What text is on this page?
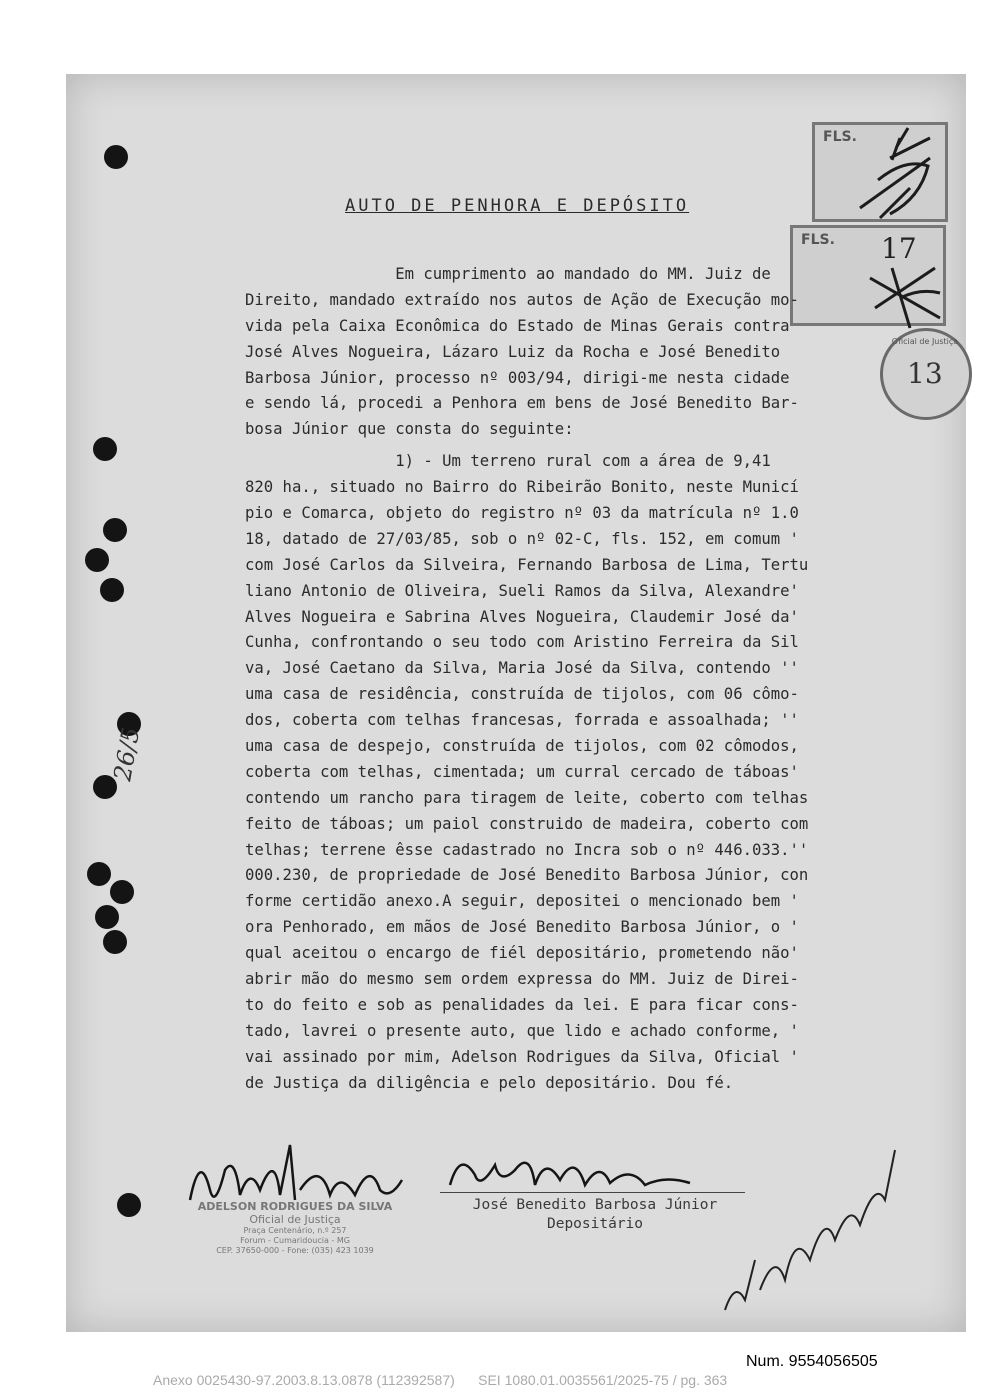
26/5
FLS.
FLS. 17
Oficial de Justiça
13
AUTO DE PENHORA E DEPÓSITO
Em cumprimento ao mandado do MM. Juiz de
Direito, mandado extraído nos autos de Ação de Execução mo-
vida pela Caixa Econômica do Estado de Minas Gerais contra
José Alves Nogueira, Lázaro Luiz da Rocha e José Benedito
Barbosa Júnior, processo nº 003/94, dirigi-me nesta cidade
e sendo lá, procedi a Penhora em bens de José Benedito Bar-
bosa Júnior que consta do seguinte:
1) - Um terreno rural com a área de 9,41
820 ha., situado no Bairro do Ribeirão Bonito, neste Municí
pio e Comarca, objeto do registro nº 03 da matrícula nº 1.0
18, datado de 27/03/85, sob o nº 02-C, fls. 152, em comum '
com José Carlos da Silveira, Fernando Barbosa de Lima, Tertu
liano Antonio de Oliveira, Sueli Ramos da Silva, Alexandre'
Alves Nogueira e Sabrina Alves Nogueira, Claudemir José da'
Cunha, confrontando o seu todo com Aristino Ferreira da Sil
va, José Caetano da Silva, Maria José da Silva, contendo ''
uma casa de residência, construída de tijolos, com 06 cômo-
dos, coberta com telhas francesas, forrada e assoalhada; ''
uma casa de despejo, construída de tijolos, com 02 cômodos,
coberta com telhas, cimentada; um curral cercado de táboas'
contendo um rancho para tiragem de leite, coberto com telhas
feito de táboas; um paiol construido de madeira, coberto com
telhas; terrene êsse cadastrado no Incra sob o nº 446.033.''
000.230, de propriedade de José Benedito Barbosa Júnior, con
forme certidão anexo.A seguir, depositei o mencionado bem '
ora Penhorado, em mãos de José Benedito Barbosa Júnior, o '
qual aceitou o encargo de fiél depositário, prometendo não'
abrir mão do mesmo sem ordem expressa do MM. Juiz de Direi-
to do feito e sob as penalidades da lei. E para ficar cons-
tado, lavrei o presente auto, que lido e achado conforme, '
vai assinado por mim, Adelson Rodrigues da Silva, Oficial '
de Justiça da diligência e pelo depositário. Dou fé.
ADELSON RODRIGUES DA SILVA
Oficial de Justiça
Praça Centenário, n.º 257
Forum - Cumaridoucia - MG
CEP. 37650-000 - Fone: (035) 423 1039
José Benedito Barbosa Júnior
Depositário
Num. 9554056505
Anexo 0025430-97.2003.8.13.0878 (112392587)      SEI 1080.01.0035561/2025-75 / pg. 363
